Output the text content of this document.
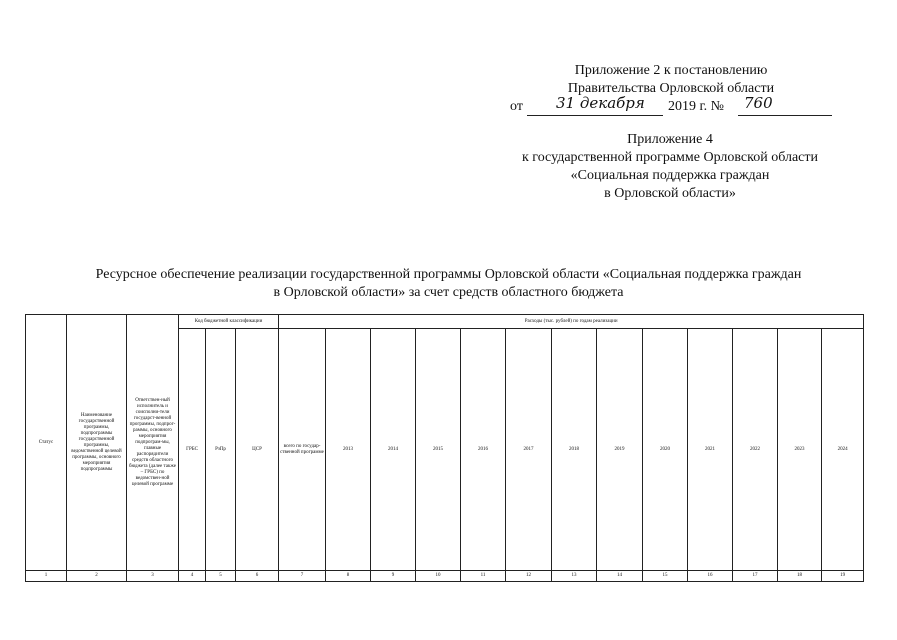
Приложение 2 к постановлению
Правительства Орловской области
от 31 декабря 2019 г. № 760
Приложение 4
к государственной программе Орловской области
«Социальная поддержка граждан
в Орловской области»
Ресурсное обеспечение реализации государственной программы Орловской области «Социальная поддержка граждан
в Орловской области» за счет средств областного бюджета
Статус	Наименование государственной программы, подпрограммы государственной программы, ведомственной целевой программы, основного мероприятия подпрограммы	Ответствен-ный исполнитель и соисполни-тели государст-венной программы, подпрог-раммы, основного мероприятия подпрограм-мы, главные распорядители средств областного бюджета (далее также – ГРБС) по ведомствен-ной целевой программе	Код бюджетной классификации			Расходы (тыс. рублей) по годам реализации												
			ГРБС	РзПр	ЦСР	всего по государ-ственной программе	2013	2014	2015	2016	2017	2018	2019	2020	2021	2022	2023	2024
1	2	3	4	5	6	7	8	9	10	11	12	13	14	15	16	17	18	19
